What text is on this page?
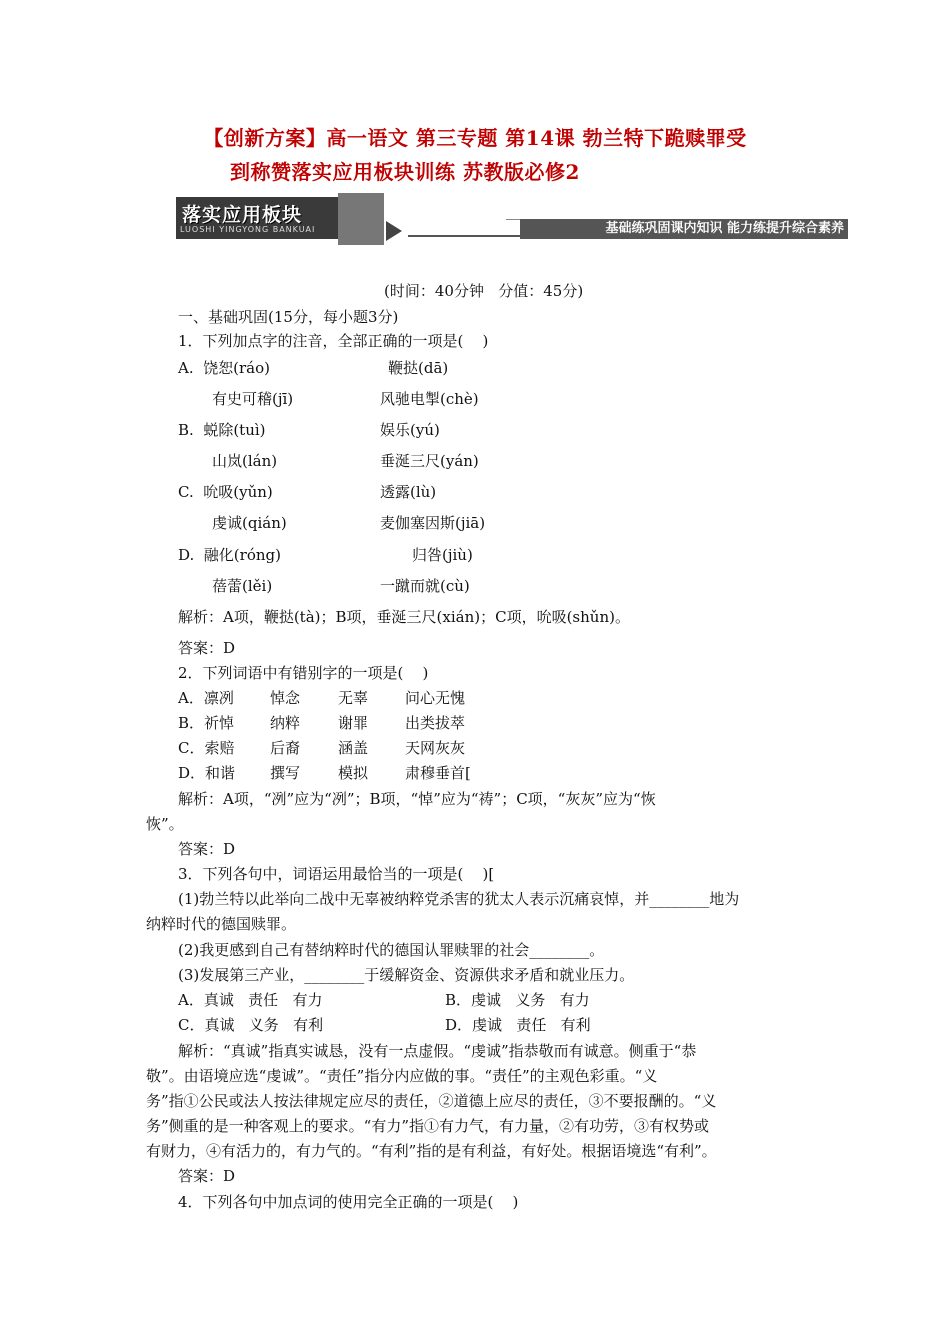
【创新方案】高一语文 第三专题 第14课 勃兰特下跪赎罪受
到称赞落实应用板块训练 苏教版必修2
落实应用板块
LUOSHI YINGYONG BANKUAI	基础练巩固课内知识 能力练提升综合素养
(时间：40分钟   分值：45分)
一、基础巩固(15分，每小题3分)
1．下列加点字的注音，全部正确的一项是(    )
A.  饶恕(ráo)	鞭挞(dā)
有史可稽(jī)	风驰电掣(chè)
B.  蜕除(tuì)	娱乐(yú)
山岚(lán)	垂涎三尺(yán)
C.  吮吸(yǔn)	透露(lù)
虔诚(qián)	麦伽塞因斯(jiā)
D.  融化(róng)	归咎(jiù)
蓓蕾(lěi)	一蹴而就(cù)
解析：A项，鞭挞(tà)；B项，垂涎三尺(xián)；C项，吮吸(shǔn)。
答案：D
2．下列词语中有错别字的一项是(    )
A．凛冽 悼念	无辜 问心无愧
B．祈悼 纳粹	谢罪 出类拔萃
C．索赔 后裔	涵盖 天网灰灰
D．和谐 撰写	模拟 肃穆垂首[
解析：A项，“冽”应为“冽”；B项，“悼”应为“祷”；C项，“灰灰”应为“恢
恢”。
答案：D
3．下列各句中，词语运用最恰当的一项是(    )[
(1)勃兰特以此举向二战中无辜被纳粹党杀害的犹太人表示沉痛哀悼，并________地为
纳粹时代的德国赎罪。
(2)我更感到自己有替纳粹时代的德国认罪赎罪的社会________。
(3)发展第三产业，________于缓解资金、资源供求矛盾和就业压力。
A．真诚   责任   有力	B．虔诚   义务   有力
C．真诚   义务   有利	D．虔诚   责任   有利
解析：“真诚”指真实诚恳，没有一点虚假。“虔诚”指恭敬而有诚意。侧重于“恭
敬”。由语境应选“虔诚”。“责任”指分内应做的事。“责任”的主观色彩重。“义
务”指①公民或法人按法律规定应尽的责任，②道德上应尽的责任，③不要报酬的。“义
务”侧重的是一种客观上的要求。“有力”指①有力气，有力量，②有功劳，③有权势或
有财力，④有活力的，有力气的。“有利”指的是有利益，有好处。根据语境选“有利”。
答案：D
4．下列各句中加点词的使用完全正确的一项是(    )
